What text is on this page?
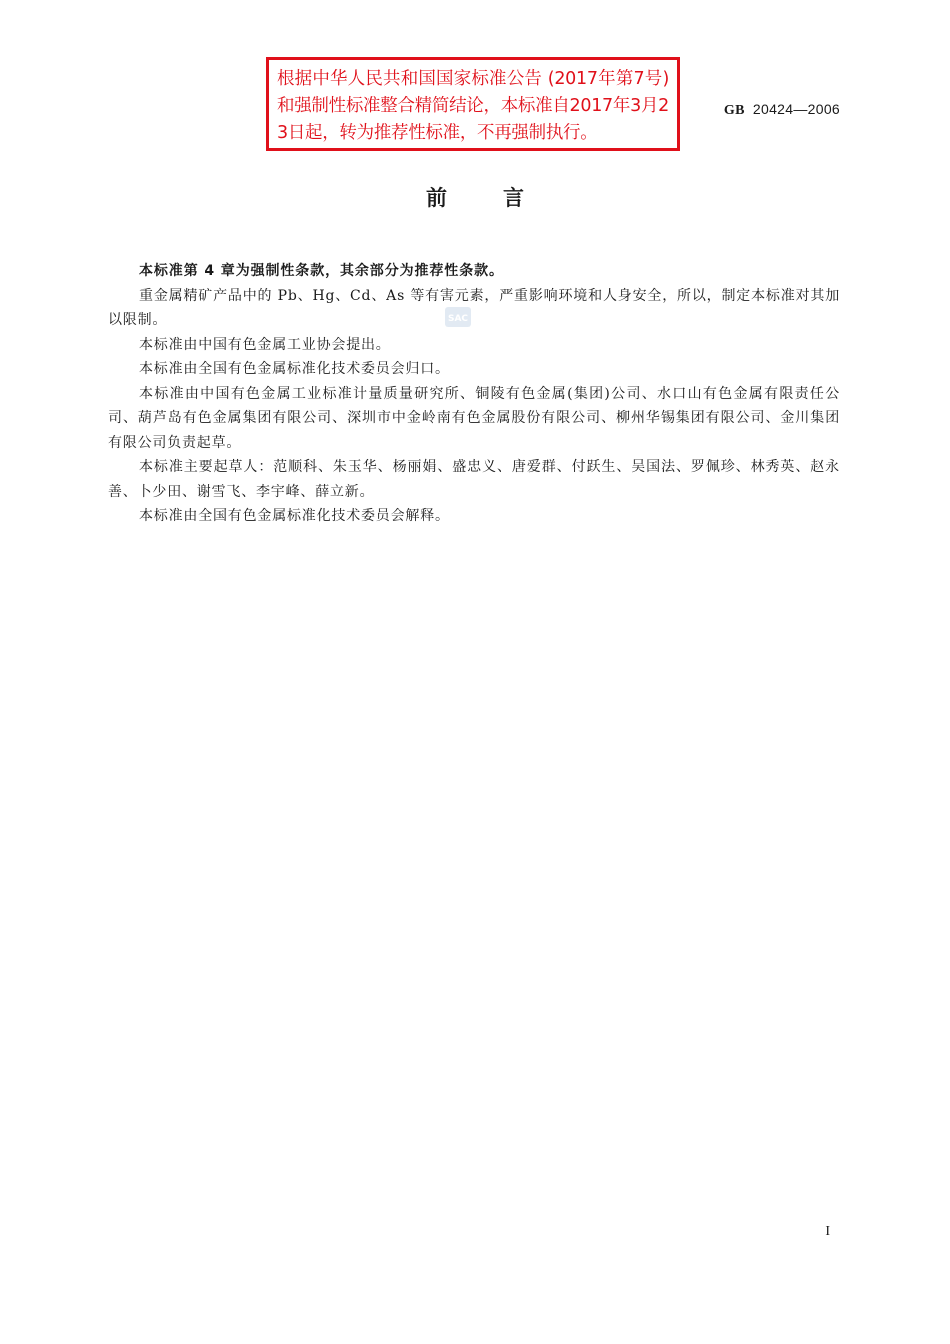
根据中华人民共和国国家标准公告 (2017年第7号) 和强制性标准整合精简结论，本标准自2017年3月23日起，转为推荐性标准，不再强制执行。
GB 20424—2006
前言
SAC

本标准第 4 章为强制性条款，其余部分为推荐性条款。

重金属精矿产品中的 Pb、Hg、Cd、As 等有害元素，严重影响环境和人身安全，所以，制定本标准对其加以限制。

本标准由中国有色金属工业协会提出。

本标准由全国有色金属标准化技术委员会归口。

本标准由中国有色金属工业标准计量质量研究所、铜陵有色金属(集团)公司、水口山有色金属有限责任公司、葫芦岛有色金属集团有限公司、深圳市中金岭南有色金属股份有限公司、柳州华锡集团有限公司、金川集团有限公司负责起草。

本标准主要起草人：范顺科、朱玉华、杨丽娟、盛忠义、唐爱群、付跃生、吴国法、罗佩珍、林秀英、赵永善、卜少田、谢雪飞、李宇峰、薛立新。

本标准由全国有色金属标准化技术委员会解释。

I
